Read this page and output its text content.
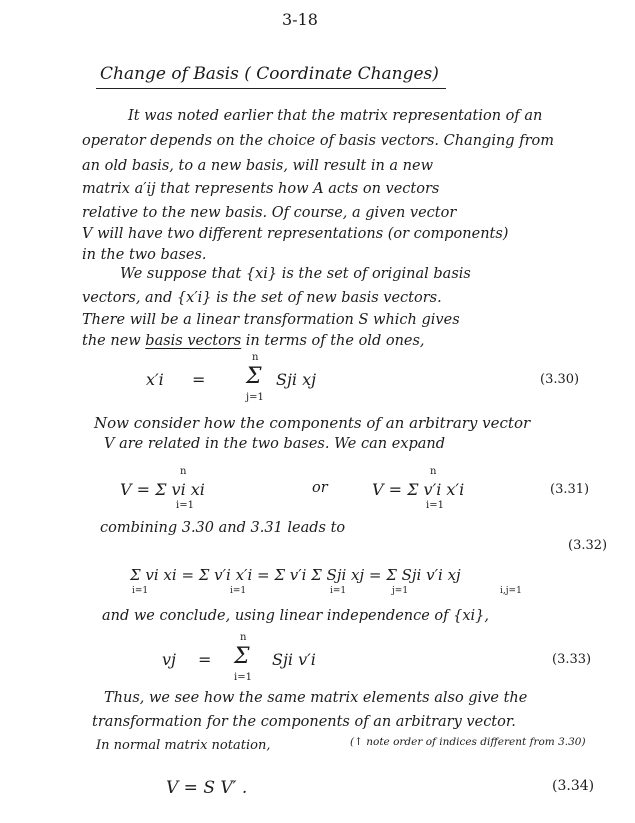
3-18
Change of Basis ( Coordinate Changes)
It was noted earlier that the matrix representation of an
operator depends on the choice of basis vectors. Changing from
an old basis, to a new basis, will result in a new
matrix a′ij that represents how A acts on vectors
relative to the new basis. Of course, a given vector
V will have two different representations (or components)
in the two bases.
We suppose that {xi} is the set of original basis
vectors, and {x′i} is the set of new basis vectors.
There will be a linear transformation S which gives
the new basis vectors in terms of the old ones,
x′i =
n
Σ
j=1
Sji xj	(3.30)
Now consider how the components of an arbitrary vector
V are related in the two bases. We can expand
V = Σ vi xi
n
i=1
or	V = Σ v′i x′i
n
i=1
(3.31)
combining 3.30 and 3.31 leads to
(3.32)
Σ vi xi = Σ v′i x′i = Σ v′i Σ Sji xj = Σ Sji v′i xj
i=1	i=1	i=1	j=1	i,j=1
and we conclude, using linear independence of {xi},
vj =
n
Σ
i=1
Sji v′i	(3.33)
Thus, we see how the same matrix elements also give the
transformation for the components of an arbitrary vector.
In normal matrix notation,	(↑ note order of indices different from 3.30)
V = S V′ .	(3.34)
